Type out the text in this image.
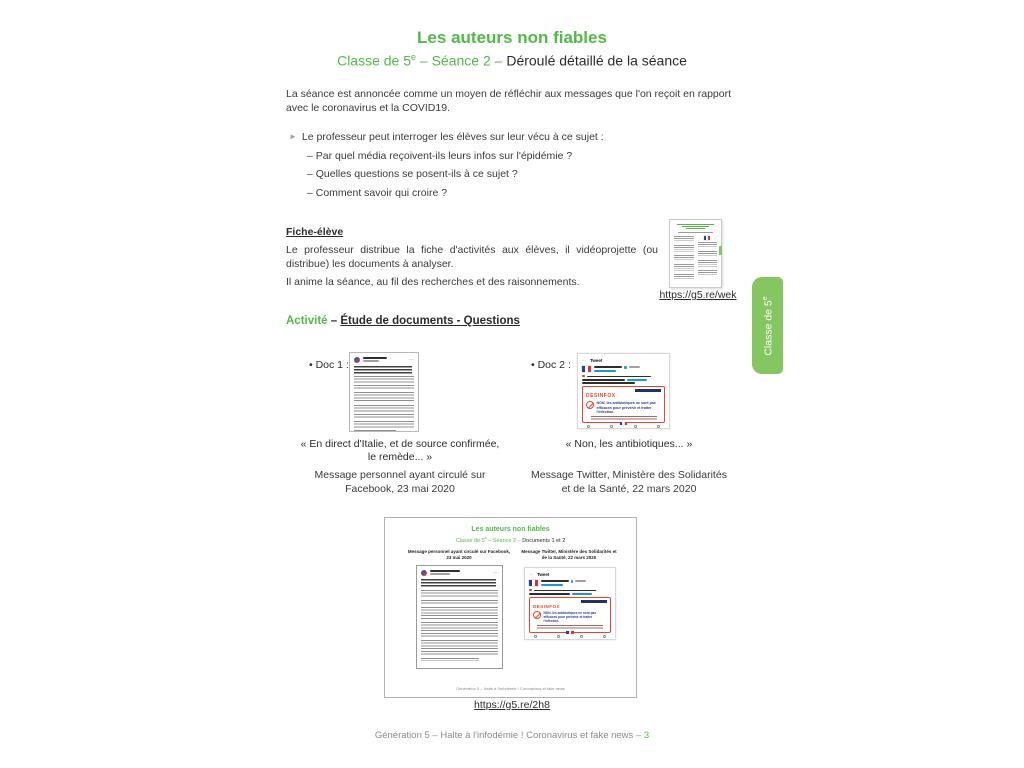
Les auteurs non fiables
Classe de 5e – Séance 2 – Déroulé détaillé de la séance
La séance est annoncée comme un moyen de réfléchir aux messages que l'on reçoit en rapport
avec le coronavirus et la COVID19.
► Le professeur peut interroger les élèves sur leur vécu à ce sujet :
– Par quel média reçoivent-ils leurs infos sur l'épidémie ?
– Quelles questions se posent-ils à ce sujet ?
– Comment savoir qui croire ?
Fiche-élève
Le professeur distribue la fiche d'activités aux élèves, il vidéoprojette (ou
distribue) les documents à analyser.
Il anime la séance, au fil des recherches et des raisonnements.
https://g5.re/wek
Classe de 5e
Activité – Étude de documents - Questions
• Doc 1 :	• Doc 2 :
⋯	← Tweet
DESINFOX
NON, les antibiotiques ne sont pas efficaces pour prévenir et traiter l'infection.
« En direct d'Italie, et de source confirmée,
le remède... »
Message personnel ayant circulé sur
Facebook, 23 mai 2020
« Non, les antibiotiques... »
Message Twitter, Ministère des Solidarités
et de la Santé, 22 mars 2020
Les auteurs non fiables
Classe de 5e – Séance 2 – Documents 1 et 2
Message personnel ayant circulé sur Facebook,
23 mai 2020
Message Twitter, Ministère des Solidarités et
de la Santé, 22 mars 2020
⋯	← Tweet
DESINFOX
NON, les antibiotiques ne sont pas efficaces pour prévenir et traiter l'infection.
Génération 5 – Halte à l'infodémie ! Coronavirus et fake news
https://g5.re/2h8
Génération 5 – Halte à l'infodémie ! Coronavirus et fake news – 3
